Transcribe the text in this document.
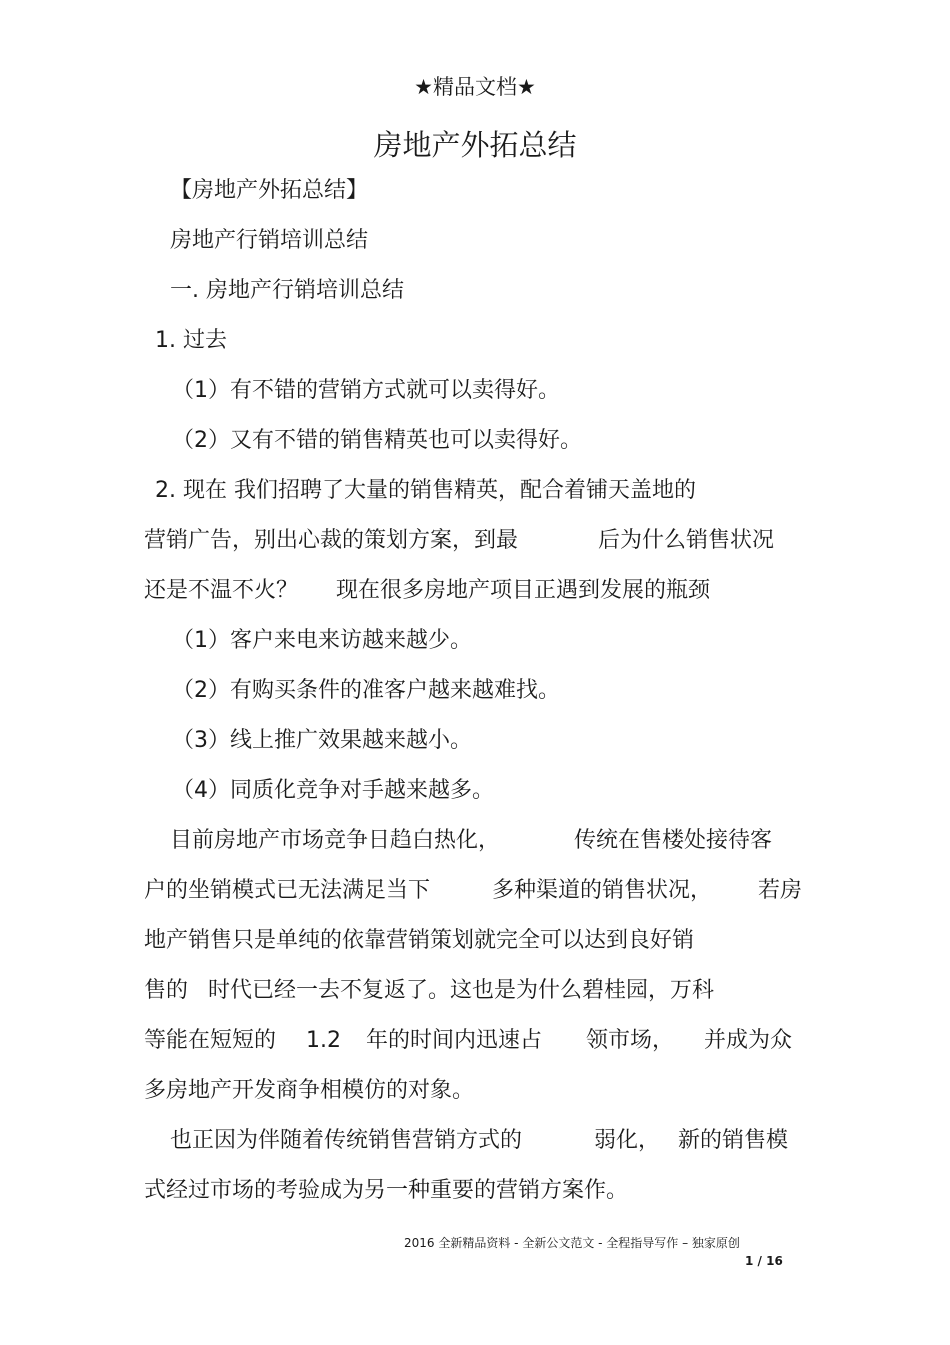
★精品文档★
房地产外拓总结
【房地产外拓总结】
房地产行销培训总结
一. 房地产行销培训总结
1. 过去
（1）有不错的营销方式就可以卖得好。
（2）又有不错的销售精英也可以卖得好。
2. 现在 我们招聘了大量的销售精英，配合着铺天盖地的
营销广告，别出心裁的策划方案，到最	后为什么销售状况
还是不温不火？ 现在很多房地产项目正遇到发展的瓶颈
（1）客户来电来访越来越少。
（2）有购买条件的准客户越来越难找。
（3）线上推广效果越来越小。
（4）同质化竞争对手越来越多。
目前房地产市场竞争日趋白热化，	传统在售楼处接待客
户的坐销模式已无法满足当下	多种渠道的销售状况， 若房
地产销售只是单纯的依靠营销策划就完全可以达到良好销
售的 时代已经一去不复返了。这也是为什么碧桂园，万科
等能在短短的 1.2 年的时间内迅速占 领市场， 并成为众
多房地产开发商争相模仿的对象。
也正因为伴随着传统销售营销方式的	弱化， 新的销售模
式经过市场的考验成为另一种重要的营销方案作。
2016 全新精品资料 - 全新公文范文 - 全程指导写作 – 独家原创
1 / 16
